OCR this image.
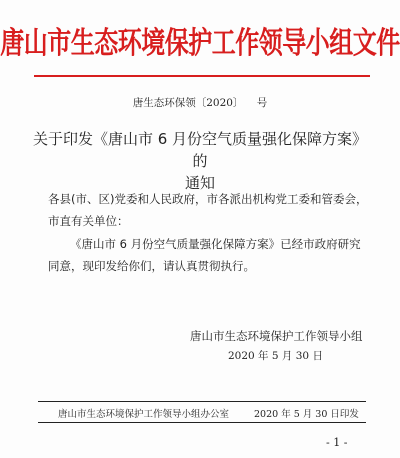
唐山市生态环境保护工作领导小组文件
唐生态环保领〔2020〕    号
关于印发《唐山市 6 月份空气质量强化保障方案》的
通知
各县(市、区)党委和人民政府，市各派出机构党工委和管委会，市直有关单位：
《唐山市 6 月份空气质量强化保障方案》已经市政府研究同意，现印发给你们，请认真贯彻执行。
唐山市生态环境保护工作领导小组
2020 年 5 月 30 日
唐山市生态环境保护工作领导小组办公室	2020 年 5 月 30 日印发
- 1 -
